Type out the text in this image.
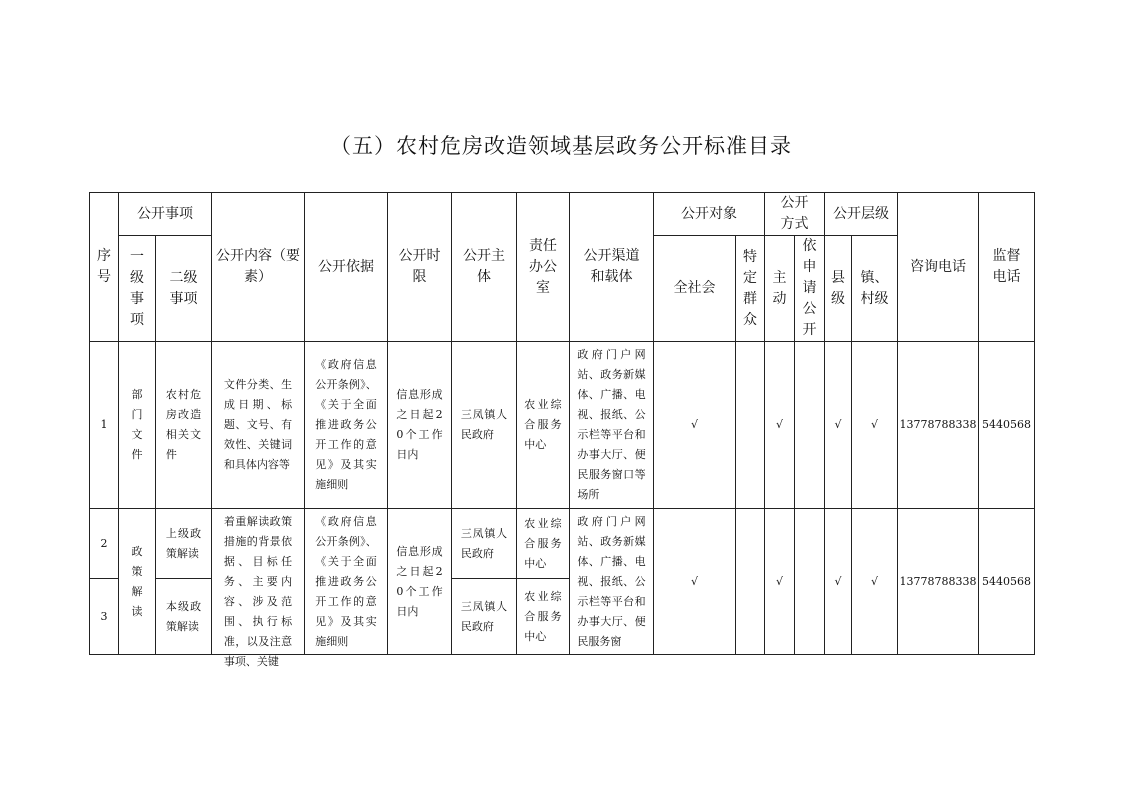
（五）农村危房改造领域基层政务公开标准目录
序号	公开事项		公开内容（要素）	公开依据	公开时限	公开主体	责任办公室	公开渠道和载体	公开对象		公开方式		公开层级		咨询电话	监督电话

	一级事项	二级事项							全社会	特定群众	主动	依申请公开	县级	镇、村级		

1	部门文件	农村危房改造相关文件	文件分类、生成日期、标题、文号、有效性、关键词和具体内容等	《政府信息公开条例》、《关于全面推进政务公开工作的意见》及其实施细则	信息形成之日起20个工作日内	三凤镇人民政府	农业综合服务中心	政府门户网站、政务新媒体、广播、电视、报纸、公示栏等平台和办事大厅、便民服务窗口等场所	√		√		√	√	13778788338	5440568
2	政策解读	上级政策解读	着重解读政策措施的背景依据、目标任务、主要内容、涉及范围、执行标准，以及注意事项、关键	《政府信息公开条例》、《关于全面推进政务公开工作的意见》及其实施细则	信息形成之日起20个工作日内	三凤镇人民政府	农业综合服务中心	政府门户网站、政务新媒体、广播、电视、报纸、公示栏等平台和办事大厅、便民服务窗	√		√		√	√	13778788338	5440568
3		本级政策解读				三凤镇人民政府	农业综合服务中心									
